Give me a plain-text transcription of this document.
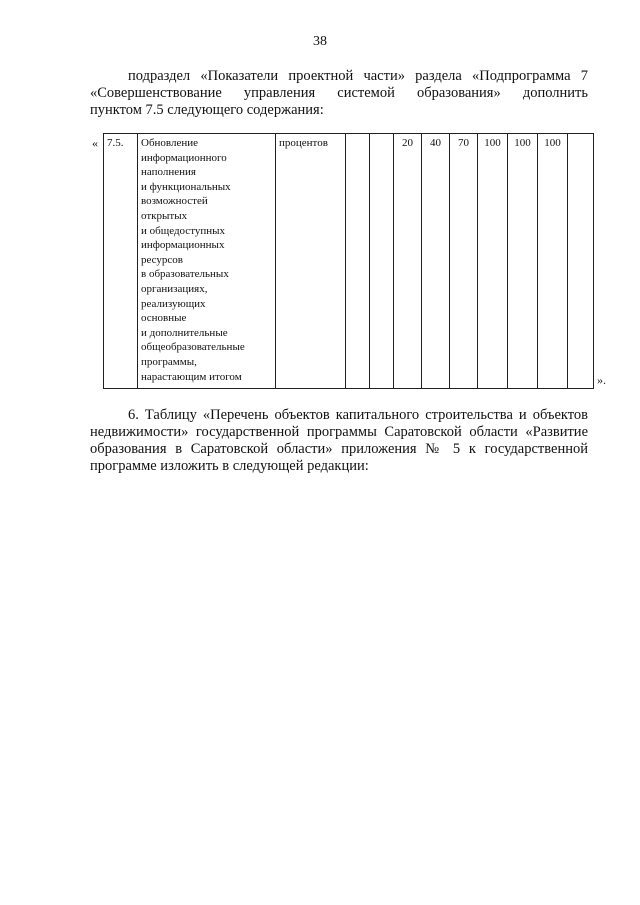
38
подраздел «Показатели проектной части» раздела «Подпрограмма 7
«Совершенствование управления системой образования» дополнить
пунктом 7.5 следующего содержания:
« 7.5.	Обновление
информационного
наполнения
и функциональных
возможностей
открытых
и общедоступных
информационных
ресурсов
в образовательных
организациях,
реализующих
основные
и дополнительные
общеобразовательные
программы,
нарастающим итогом
	процентов			20	40	70	100	100	100	
».
6. Таблицу «Перечень объектов капитального строительства и объектов
недвижимости» государственной программы Саратовской области «Развитие
образования в Саратовской области» приложения № 5 к государственной
программе изложить в следующей редакции:
